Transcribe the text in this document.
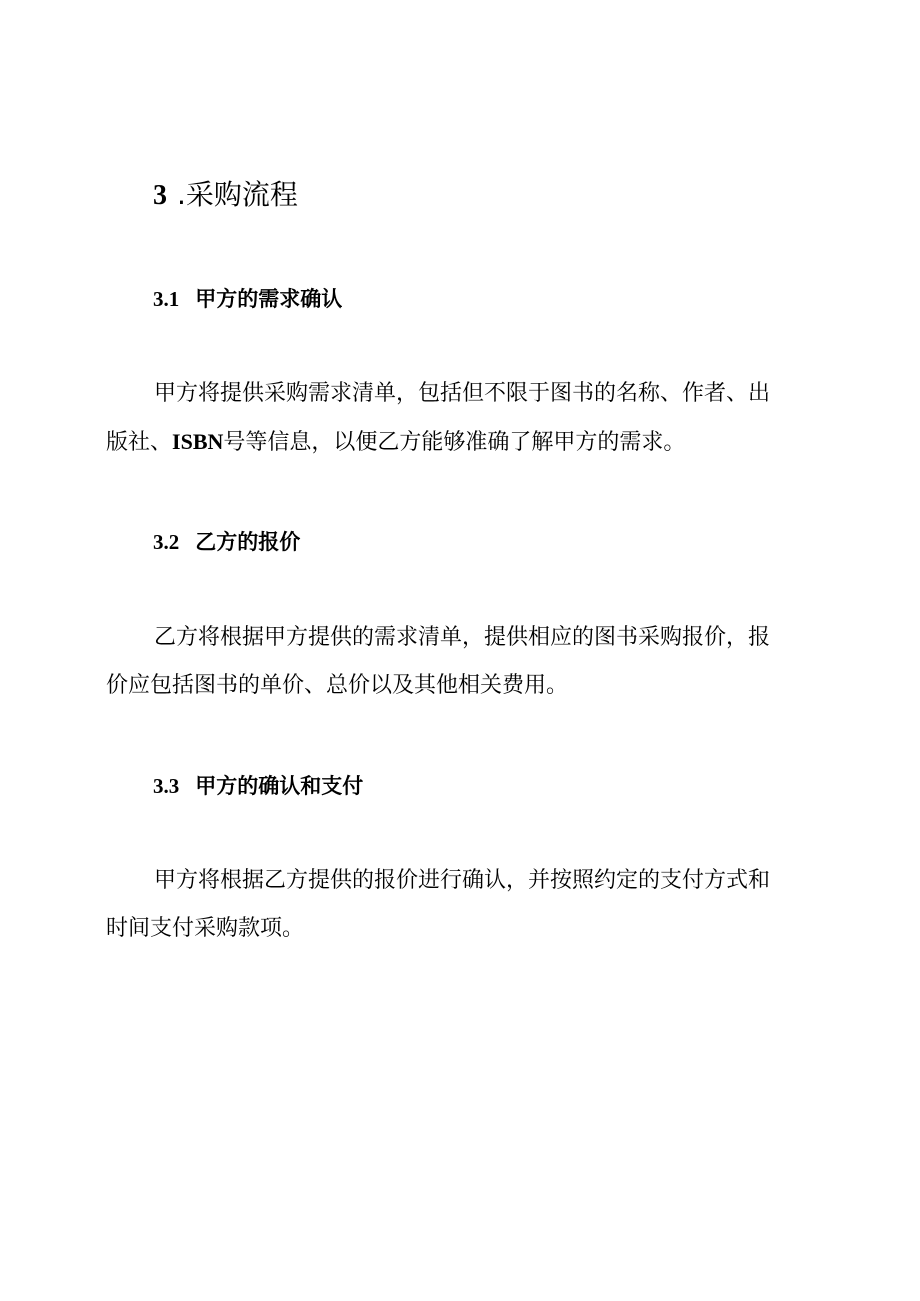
3 .采购流程
3.1 甲方的需求确认
甲方将提供采购需求清单，包括但不限于图书的名称、作者、出
版社、ISBN号等信息，以便乙方能够准确了解甲方的需求。
3.2 乙方的报价
乙方将根据甲方提供的需求清单，提供相应的图书采购报价，报
价应包括图书的单价、总价以及其他相关费用。
3.3 甲方的确认和支付
甲方将根据乙方提供的报价进行确认，并按照约定的支付方式和
时间支付采购款项。
